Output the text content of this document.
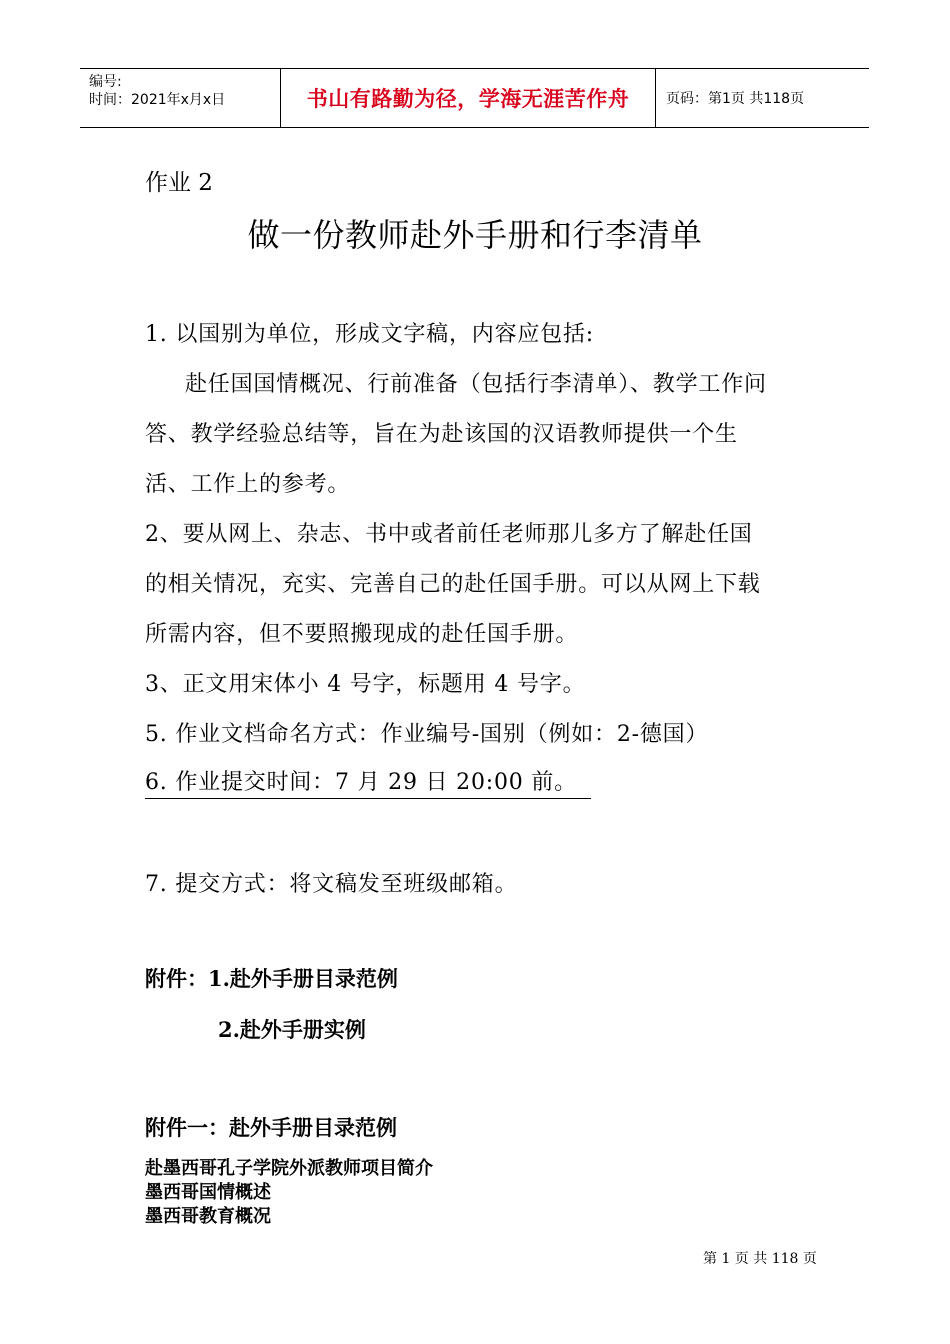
编号:
时间：2021年x月x日	书山有路勤为径，学海无涯苦作舟	页码：第1页 共118页
作业 2
做一份教师赴外手册和行李清单
1. 以国别为单位，形成文字稿，内容应包括:
赴任国国情概况、行前准备（包括行李清单）、教学工作问
答、教学经验总结等，旨在为赴该国的汉语教师提供一个生
活、工作上的参考。
2、要从网上、杂志、书中或者前任老师那儿多方了解赴任国
的相关情况，充实、完善自己的赴任国手册。可以从网上下载
所需内容，但不要照搬现成的赴任国手册。
3、正文用宋体小 4 号字，标题用 4 号字。
5. 作业文档命名方式：作业编号-国别（例如：2-德国）
6. 作业提交时间：7 月 29 日 20:00 前。
7. 提交方式：将文稿发至班级邮箱。
附件：1.赴外手册目录范例
2.赴外手册实例
附件一：赴外手册目录范例
赴墨西哥孔子学院外派教师项目简介
墨西哥国情概述
墨西哥教育概况
第 1 页 共 118 页
